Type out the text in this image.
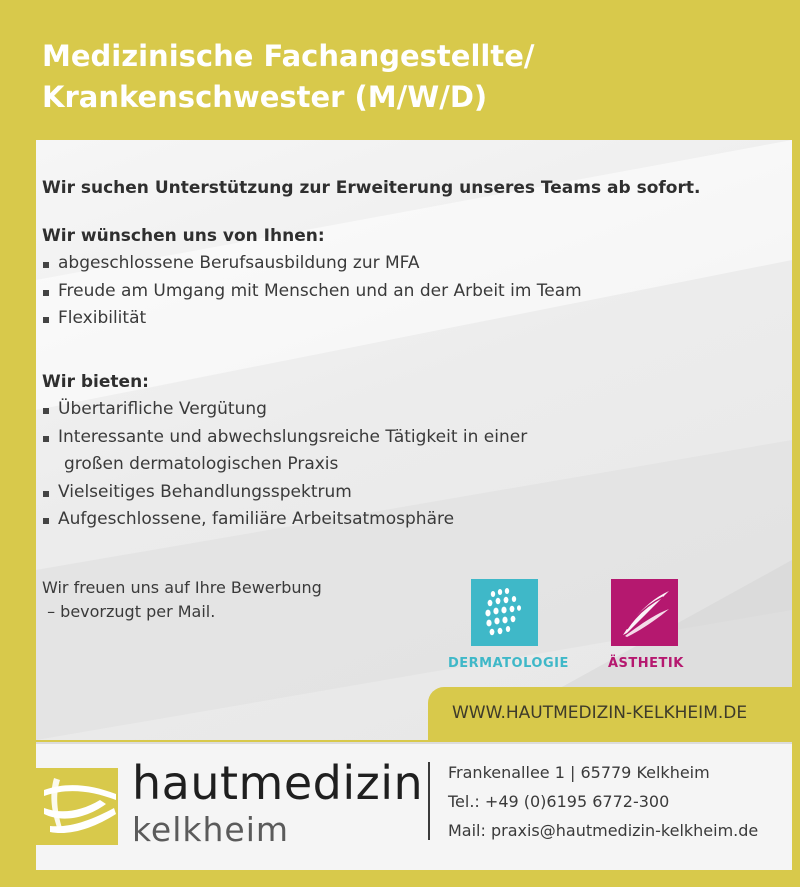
Medizinische Fachangestellte/
Krankenschwester (M/W/D)
Wir suchen Unterstützung zur Erweiterung unseres Teams ab sofort.
Wir wünschen uns von Ihnen:
abgeschlossene Berufsausbildung zur MFA
Freude am Umgang mit Menschen und an der Arbeit im Team
Flexibilität
Wir bieten:
Übertarifliche Vergütung
Interessante und abwechslungsreiche Tätigkeit in einer
großen dermatologischen Praxis
Vielseitiges Behandlungsspektrum
Aufgeschlossene, familiäre Arbeitsatmosphäre
Wir freuen uns auf Ihre Bewerbung
– bevorzugt per Mail.
DERMATOLOGIE	ÄSTHETIK
WWW.HAUTMEDIZIN-KELKHEIM.DE
hautmedizin
kelkheim
Frankenallee 1 | 65779 Kelkheim
Tel.: +49 (0)6195 6772-300
Mail: praxis@hautmedizin-kelkheim.de
